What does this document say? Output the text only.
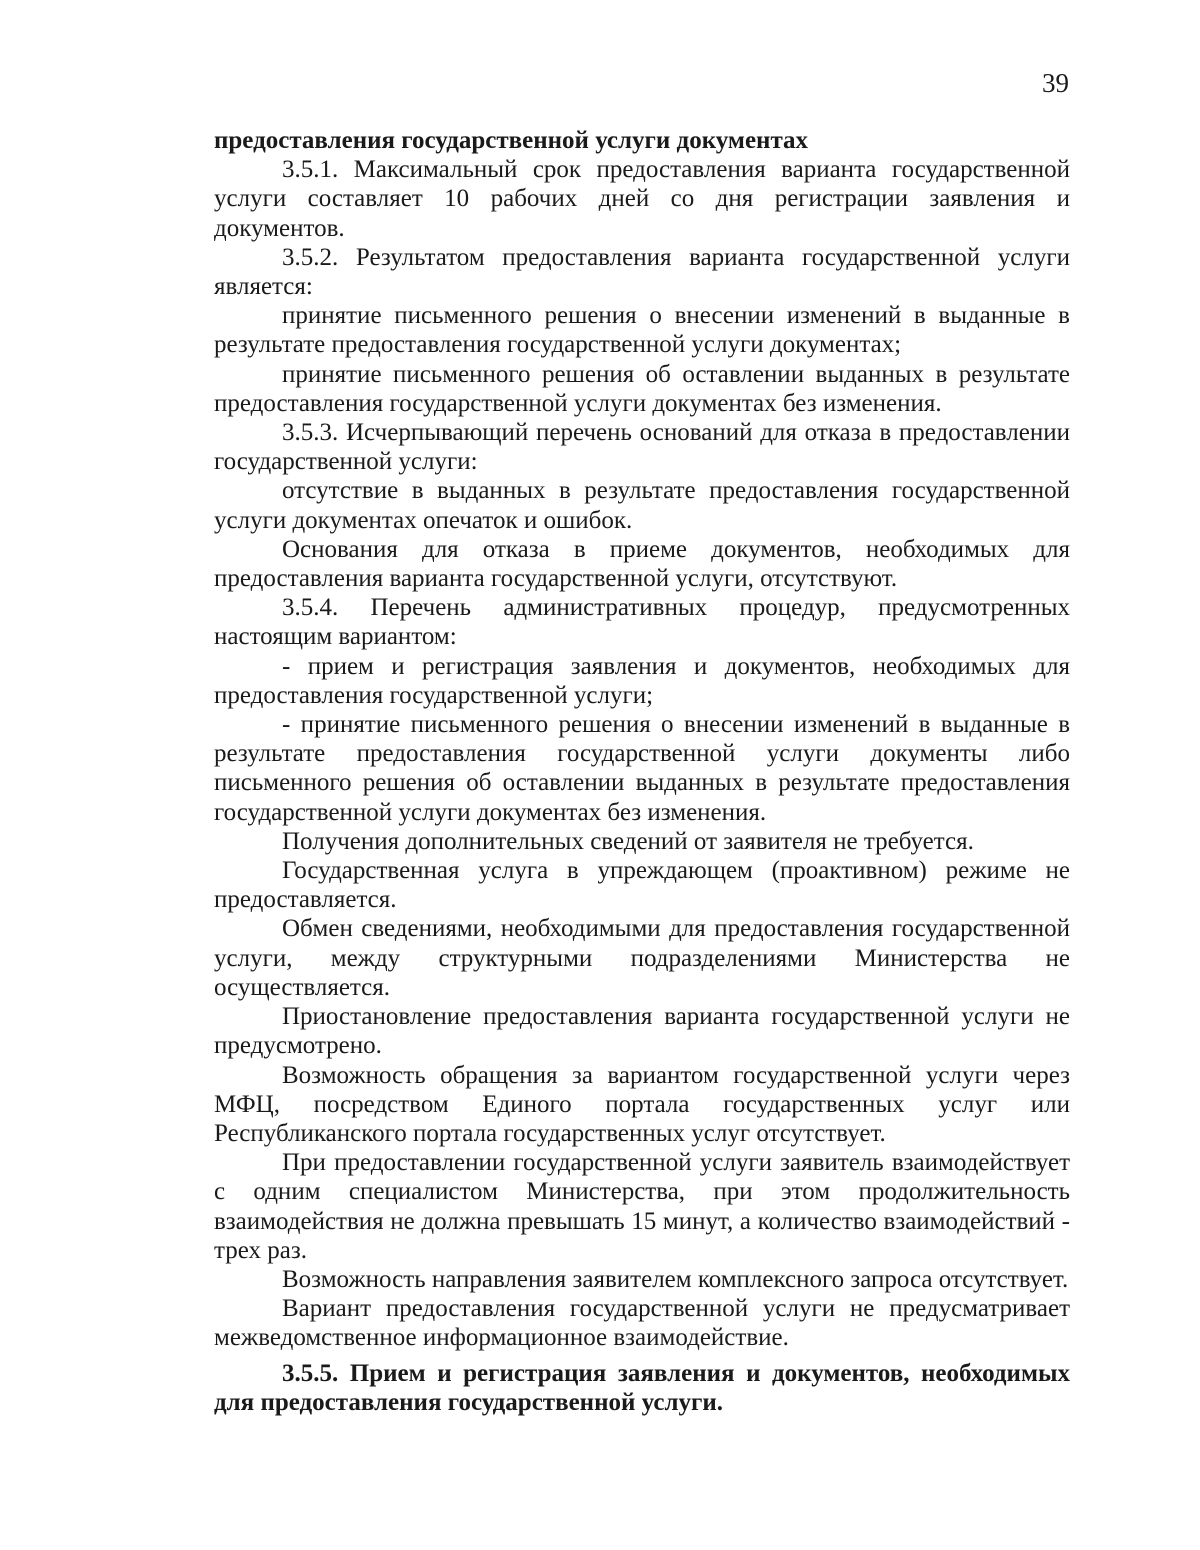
39

предоставления государственной услуги документах

3.5.1. Максимальный срок предоставления варианта государственной услуги составляет 10 рабочих дней со дня регистрации заявления и документов.

3.5.2. Результатом предоставления варианта государственной услуги является:

принятие письменного решения о внесении изменений в выданные в результате предоставления государственной услуги документах;

принятие письменного решения об оставлении выданных в результате предоставления государственной услуги документах без изменения.

3.5.3. Исчерпывающий перечень оснований для отказа в предоставлении государственной услуги:

отсутствие в выданных в результате предоставления государственной услуги документах опечаток и ошибок.

Основания для отказа в приеме документов, необходимых для предоставления варианта государственной услуги, отсутствуют.

3.5.4. Перечень административных процедур, предусмотренных настоящим вариантом:

- прием и регистрация заявления и документов, необходимых для предоставления государственной услуги;

- принятие письменного решения о внесении изменений в выданные в результате предоставления государственной услуги документы либо письменного решения об оставлении выданных в результате предоставления государственной услуги документах без изменения.

Получения дополнительных сведений от заявителя не требуется.

Государственная услуга в упреждающем (проактивном) режиме не предоставляется.

Обмен сведениями, необходимыми для предоставления государственной услуги, между структурными подразделениями Министерства не осуществляется.

Приостановление предоставления варианта государственной услуги не предусмотрено.

Возможность обращения за вариантом государственной услуги через МФЦ, посредством Единого портала государственных услуг или Республиканского портала государственных услуг отсутствует.

При предоставлении государственной услуги заявитель взаимодействует с одним специалистом Министерства, при этом продолжительность взаимодействия не должна превышать 15 минут, а количество взаимодействий - трех раз.

Возможность направления заявителем комплексного запроса отсутствует.

Вариант предоставления государственной услуги не предусматривает межведомственное информационное взаимодействие.

3.5.5. Прием и регистрация заявления и документов, необходимых для предоставления государственной услуги.
